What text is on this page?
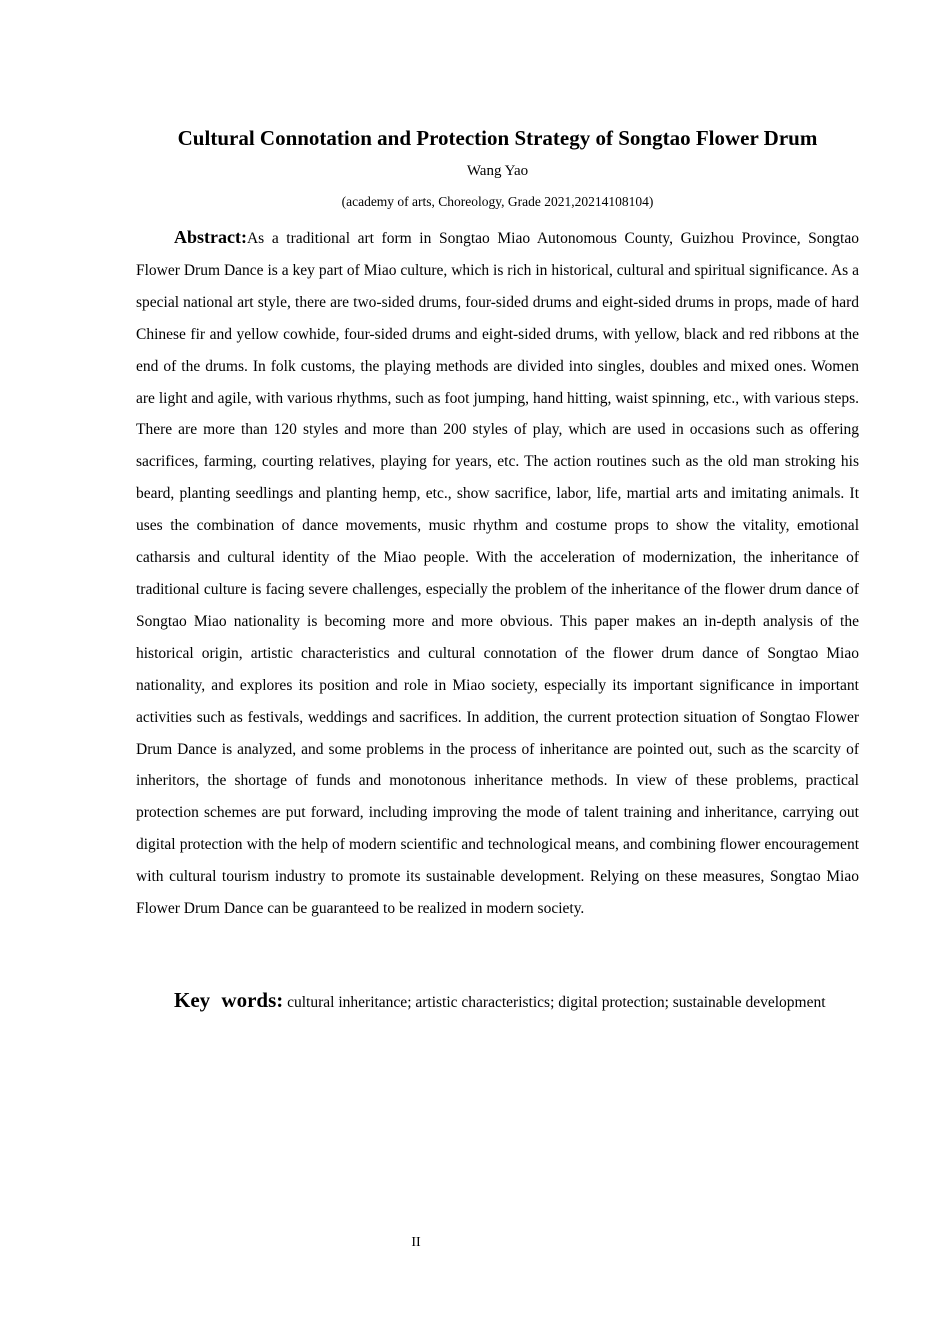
Cultural Connotation and Protection Strategy of Songtao Flower Drum

Wang Yao

(academy of arts, Choreology, Grade 2021,20214108104)

Abstract:As a traditional art form in Songtao Miao Autonomous County, Guizhou Province, Songtao Flower Drum Dance is a key part of Miao culture, which is rich in historical, cultural and spiritual significance. As a special national art style, there are two-sided drums, four-sided drums and eight-sided drums in props, made of hard Chinese fir and yellow cowhide, four-sided drums and eight-sided drums, with yellow, black and red ribbons at the end of the drums. In folk customs, the playing methods are divided into singles, doubles and mixed ones. Women are light and agile, with various rhythms, such as foot jumping, hand hitting, waist spinning, etc., with various steps. There are more than 120 styles and more than 200 styles of play, which are used in occasions such as offering sacrifices, farming, courting relatives, playing for years, etc. The action routines such as the old man stroking his beard, planting seedlings and planting hemp, etc., show sacrifice, labor, life, martial arts and imitating animals. It uses the combination of dance movements, music rhythm and costume props to show the vitality, emotional catharsis and cultural identity of the Miao people. With the acceleration of modernization, the inheritance of traditional culture is facing severe challenges, especially the problem of the inheritance of the flower drum dance of Songtao Miao nationality is becoming more and more obvious. This paper makes an in-depth analysis of the historical origin, artistic characteristics and cultural connotation of the flower drum dance of Songtao Miao nationality, and explores its position and role in Miao society, especially its important significance in important activities such as festivals, weddings and sacrifices. In addition, the current protection situation of Songtao Flower Drum Dance is analyzed, and some problems in the process of inheritance are pointed out, such as the scarcity of inheritors, the shortage of funds and monotonous inheritance methods. In view of these problems, practical protection schemes are put forward, including improving the mode of talent training and inheritance, carrying out digital protection with the help of modern scientific and technological means, and combining flower encouragement with cultural tourism industry to promote its sustainable development. Relying on these measures, Songtao Miao Flower Drum Dance can be guaranteed to be realized in modern society.

Key words: cultural inheritance; artistic characteristics; digital protection; sustainable development

II
